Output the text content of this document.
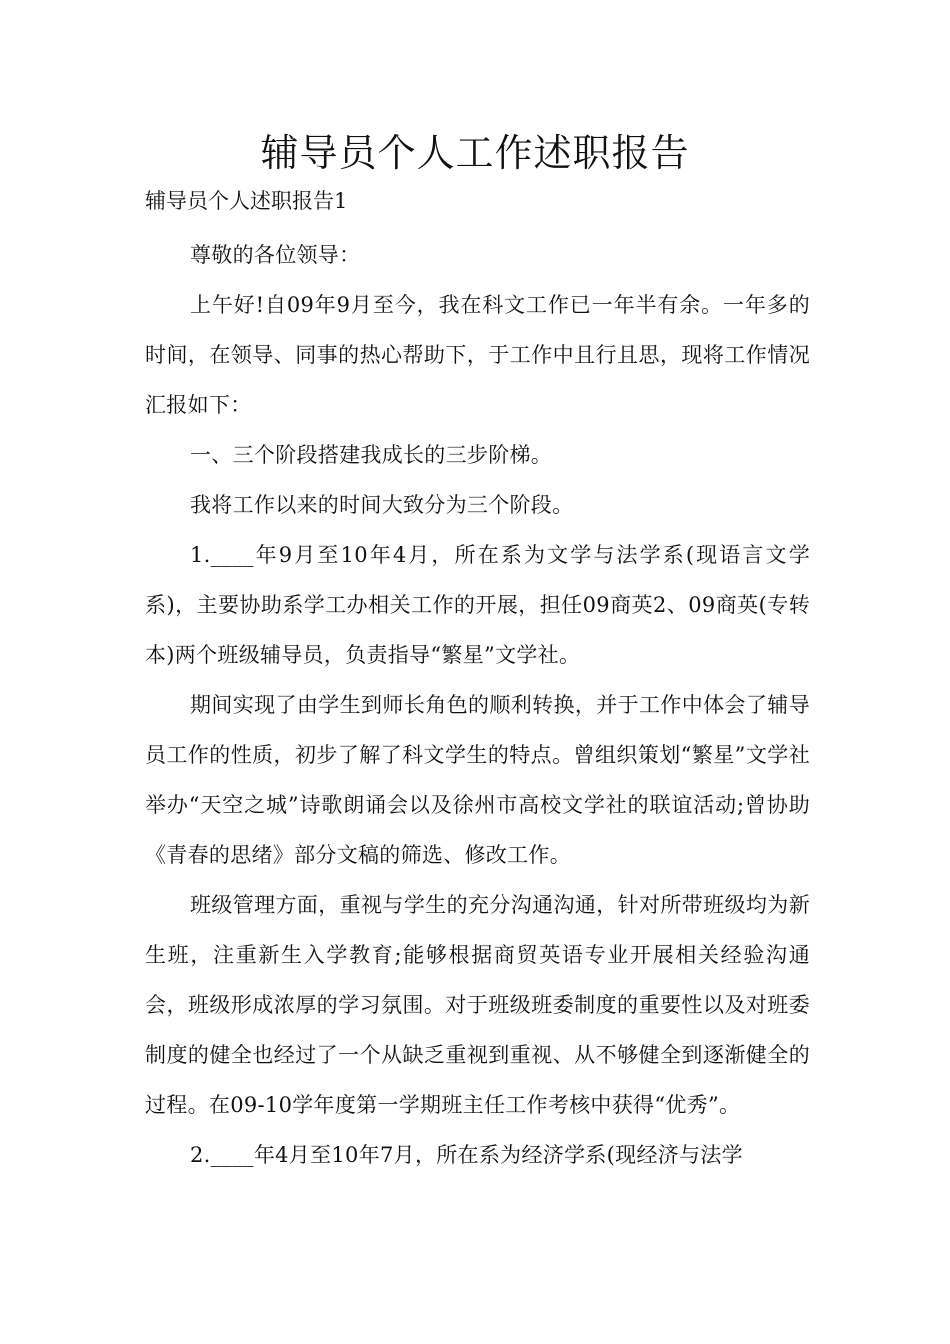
辅导员个人工作述职报告

辅导员个人述职报告1

尊敬的各位领导：

上午好!自09年9月至今，我在科文工作已一年半有余。一年多的时间，在领导、同事的热心帮助下，于工作中且行且思，现将工作情况汇报如下：

一、三个阶段搭建我成长的三步阶梯。

我将工作以来的时间大致分为三个阶段。

1.____年9月至10年4月，所在系为文学与法学系(现语言文学系)，主要协助系学工办相关工作的开展，担任09商英2、09商英(专转本)两个班级辅导员，负责指导“繁星”文学社。

期间实现了由学生到师长角色的顺利转换，并于工作中体会了辅导员工作的性质，初步了解了科文学生的特点。曾组织策划“繁星”文学社举办“天空之城”诗歌朗诵会以及徐州市高校文学社的联谊活动;曾协助《青春的思绪》部分文稿的筛选、修改工作。

班级管理方面，重视与学生的充分沟通沟通，针对所带班级均为新生班，注重新生入学教育;能够根据商贸英语专业开展相关经验沟通会，班级形成浓厚的学习氛围。对于班级班委制度的重要性以及对班委制度的健全也经过了一个从缺乏重视到重视、从不够健全到逐渐健全的过程。在09-10学年度第一学期班主任工作考核中获得“优秀”。

2.____年4月至10年7月，所在系为经济学系(现经济与法学
